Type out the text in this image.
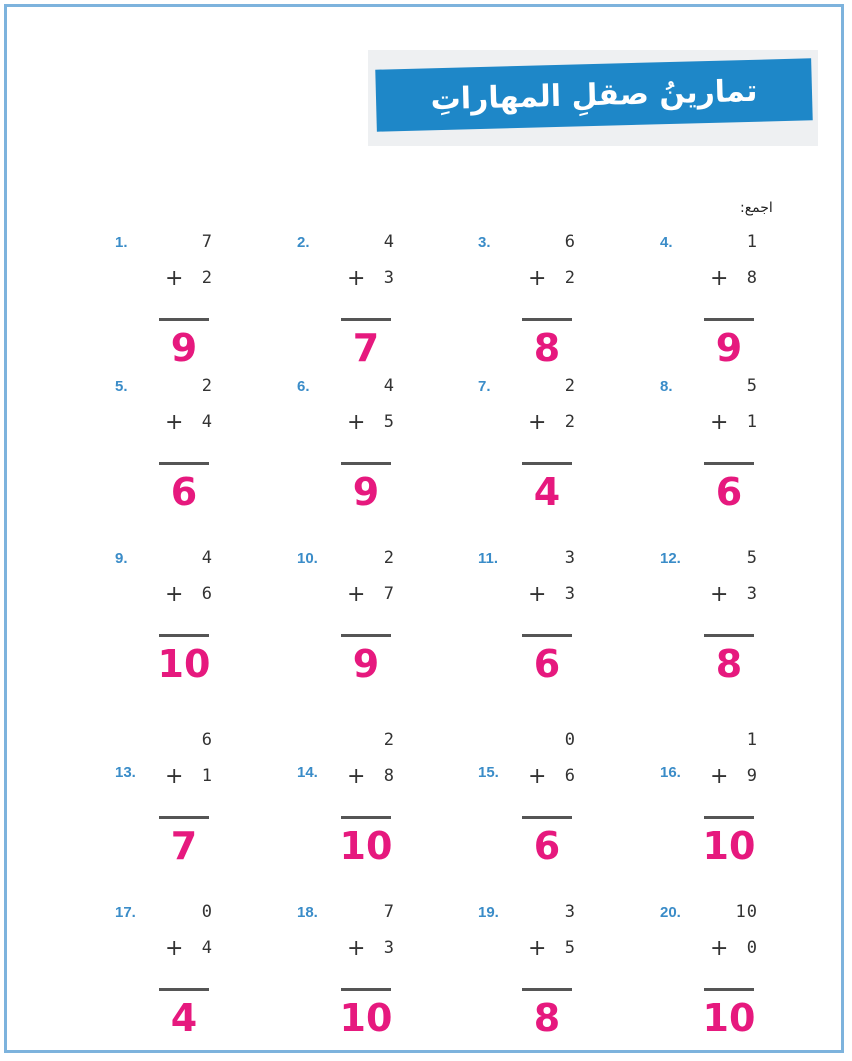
تمارينُ صقلِ المهاراتِ
اجمع:
1.	7
+	2
9
2.	4
+	3
7
3.	6
+	2
8
4.	1
+	8
9
5.	2
+	4
6
6.	4
+	5
9
7.	2
+	2
4
8.	5
+	1
6
9.	4
+	6
10
10.	2
+	7
9
11.	3
+	3
6
12.	5
+	3
8
13.
6
+	1
7
14.
2
+	8
10
15.
0
+	6
6
16.
1
+	9
10
17.	0
+	4
4
18.	7
+	3
10
19.	3
+	5
8
20.	10
+	0
10
